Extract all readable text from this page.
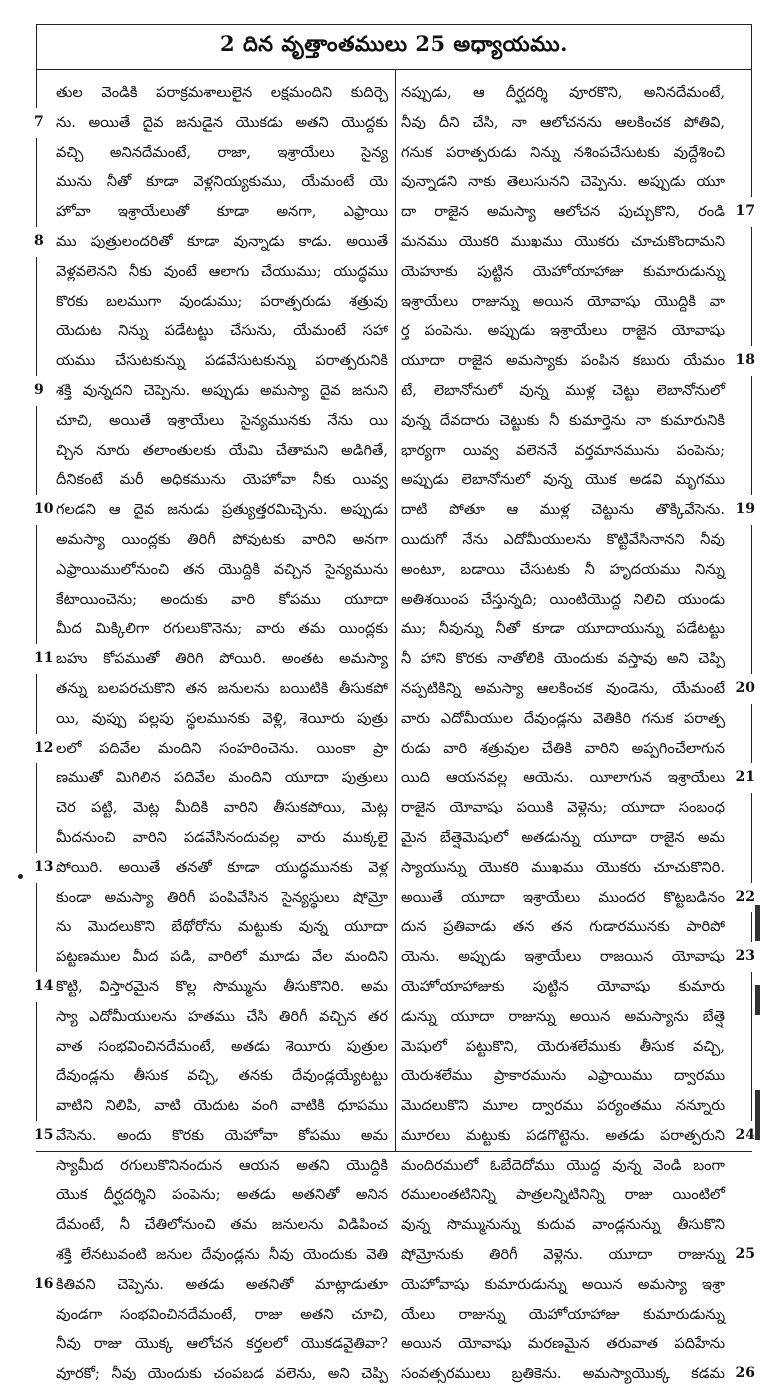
2 దిన వృత్తాంతములు 25 అధ్యాయము.
తుల వెండికి పరాక్రమశాలులైన లక్షమందిని కుదిర్చె
ను. అయితే దైవ జనుడైన యొకడు అతని యొద్దకు
7
వచ్చి అనినదేమంటే, రాజా, ఇశ్రాయేలు సైన్య
మును నీతో కూడా వెళ్లనియ్యకుము, యేమంటే యె
హోవా ఇశ్రాయేలుతో కూడా అనగా, ఎఫ్రాయి
ము పుత్రులందరితో కూడా వున్నాడు కాడు. అయితే
8
వెళ్లవలెనని నీకు వుంటే ఆలాగు చేయుము; యుద్ధము
కొరకు బలముగా వుండుము; పరాత్పరుడు శత్రువు
యెదుట నిన్ను పడేటట్టు చేసును, యేమంటే సహా
యము చేసుటకున్ను పడవేసుటకున్ను పరాత్పరునికి
శక్తి వున్నదని చెప్పెను. అప్పుడు అమస్యా దైవ జనుని
9
చూచి, అయితే ఇశ్రాయేలు సైన్యమునకు నేను యి
చ్చిన నూరు తలాంతులకు యేమి చేతామని అడిగితే,
దీనికంటే మరీ అధికమును యెహోవా నీకు యివ్వ
గలడని ఆ దైవ జనుడు ప్రత్యుత్తరమిచ్చెను. అప్పుడు
10
అమస్యా యింద్లకు తిరిగీ పోవుటకు వారిని అనగా
ఎఫ్రాయిములోనుంచి తన యొద్దికి వచ్చిన సైన్యమును
కేటాయించెను; అందుకు వారి కోపము యూదా
మీద మిక్కిలిగా రగులుకొనెను; వారు తమ యింద్లకు
బహు కోపముతో తిరిగి పోయిరి. అంతట అమస్యా
11
తన్ను బలపరచుకొని తన జనులను బయిటికి తీసుకపో
యి, వుప్పు పల్లపు స్థలమునకు వెళ్లి, శెయీరు పుత్రు
లలో పదివేల మందిని సంహరించెను. యింకా ప్రా
12
ణముతో మిగిలిన పదివేల మందిని యూదా పుత్రులు
చెర పట్టి, మెట్ల మీదికి వారిని తీసుకపోయి, మెట్ల
మీదనుంచి వారిని పడవేసినందువల్ల వారు ముక్కలై
పోయిరి. అయితే తనతో కూడా యుద్ధమునకు వెళ్ల
13
కుండా అమస్యా తిరిగీ పంపివేసిన సైన్యస్థులు షోమ్రో
ను మొదలుకొని బేథోరోను మట్టుకు వున్న యూదా
పట్టణముల మీద పడి, వారిలో మూడు వేల మందిని
కొట్టి, విస్తారమైన కొల్ల సొమ్మును తీసుకొనిరి. అమ
14
స్యా ఎదోమీయులను హతము చేసి తిరిగీ వచ్చిన తర
వాత సంభవించినదేమంటే, అతడు శెయీరు పుత్రుల
దేవుండ్లను తీసుక వచ్చి, తనకు దేవుండ్లయ్యేటట్టు
వాటిని నిలిపి, వాటి యెదుట వంగి వాటికి ధూపము
వేసెను. అందు కొరకు యెహోవా కోపము అమ
15
స్యామీద రగులుకొనినందున ఆయన అతని యొద్దికి
యొక దీర్ఘదర్శిని పంపెను; అతడు అతనితో అనిన
దేమంటే, నీ చేతిలోనుంచి తమ జనులను విడిపించ
శక్తి లేనటువంటి జనుల దేవుండ్లను నీవు యెందుకు వెతి
కితివని చెప్పెను. అతడు అతనితో మాట్లాడుతూ
16
వుండగా సంభవించినదేమంటే, రాజు అతని చూచి,
నీవు రాజు యొక్క ఆలోచన కర్తలలో యొకడవైతివా?
వూరకో; నీవు యెందుకు చంపబడ వలెను, అని చెప్పి
నప్పుడు, ఆ దీర్ఘదర్శి వూరకొని, అనినదేమంటే,
నీవు దీని చేసి, నా ఆలోచనను ఆలకించక పోతివి,
గనుక పరాత్పరుడు నిన్ను నశింపచేసుటకు వుద్దేశించి
వున్నాడని నాకు తెలుసునని చెప్పెను. అప్పుడు యూ
దా రాజైన అమస్యా ఆలోచన పుచ్చుకొని, రండి 17
మనము యొకరి ముఖము యొకరు చూచుకొందామని
యెహూకు పుట్టిన యెహోయాహాజు కుమారుడున్ను
ఇశ్రాయేలు రాజున్ను అయిన యోవాషు యొద్దికి వా
ర్త పంపెను. అప్పుడు ఇశ్రాయేలు రాజైన యోవాషు
యూదా రాజైన అమస్యాకు పంపిన కబురు యేమం 18
టే, లెబానోనులో వున్న ముళ్ల చెట్టు లెబానోనులో
వున్న దేవదారు చెట్టుకు నీ కుమార్తెను నా కుమారునికి
భార్యగా యివ్వ వలెననే వర్తమానమును పంపెను;
అప్పుడు లెబానోనులో వున్న యొక అడవి మృగము
దాటి పోతూ ఆ ముళ్ల చెట్టును తొక్కివేసెను. 19
యిదుగో నేను ఎదోమీయులను కొట్టివేసినానని నీవు
అంటూ, బడాయి చేసుటకు నీ హృదయము నిన్ను
అతిశయింప చేస్తున్నది; యింటియొద్ద నిలిచి యుండు
ము; నీవున్ను నీతో కూడా యూదాయున్ను పడేటట్టు
నీ హాని కొరకు నాతోలికి యెందుకు వస్తావు అని చెప్పి
నప్పటికిన్ని అమస్యా ఆలకించక వుండెను, యేమంటే 20
వారు ఎదోమీయుల దేవుండ్లను వెతికిరి గనుక పరాత్ప
రుడు వారి శత్రువుల చేతికి వారిని అప్పగించేలాగున
యిది ఆయనవల్ల ఆయెను. యీలాగున ఇశ్రాయేలు 21
రాజైన యోవాషు పయికి వెళ్లెను; యూదా సంబంధ
మైన బేత్షెమెషులో అతడున్ను యూదా రాజైన అమ
స్యాయున్ను యొకరి ముఖము యొకరు చూచుకొనిరి.
అయితే యూదా ఇశ్రాయేలు ముందర కొట్టబడినం 22
దున ప్రతివాడు తన తన గుడారమునకు పారిపో
యెను. అప్పుడు ఇశ్రాయేలు రాజయిన యోవాషు 23
యెహోయాహాజుకు పుట్టిన యోవాషు కుమారు
డున్ను యూదా రాజున్ను అయిన అమస్యాను బేత్షె
మెషులో పట్టుకొని, యెరుశలేముకు తీసుక వచ్చి,
యెరుశలేము ప్రాకారమును ఎఫ్రాయిము ద్వారము
మొదలుకొని మూల ద్వారము పర్యంతము నన్నూరు
మూరలు మట్టుకు పడగొట్టెను. అతడు పరాత్పరుని 24
మందిరములో ఓబేదెదోము యొద్ద వున్న వెండి బంగా
రములంతటినిన్ని పాత్రలన్నిటినిన్ని రాజు యింటిలో
వున్న సొమ్మునున్ను కుదువ వాండ్లనున్ను తీసుకొని
షోమ్రోనుకు తిరిగీ వెళ్లెను. యూదా రాజున్ను 25
యెహోవాషు కుమారుడున్ను అయిన అమస్యా ఇశ్రా
యేలు రాజున్ను యెహోయాహాజు కుమారుడున్ను
అయిన యోవాషు మరణమైన తరువాత పదిహేను
సంవత్సరములు బ్రతికెను. అమస్యాయొక్క కడమ 26
